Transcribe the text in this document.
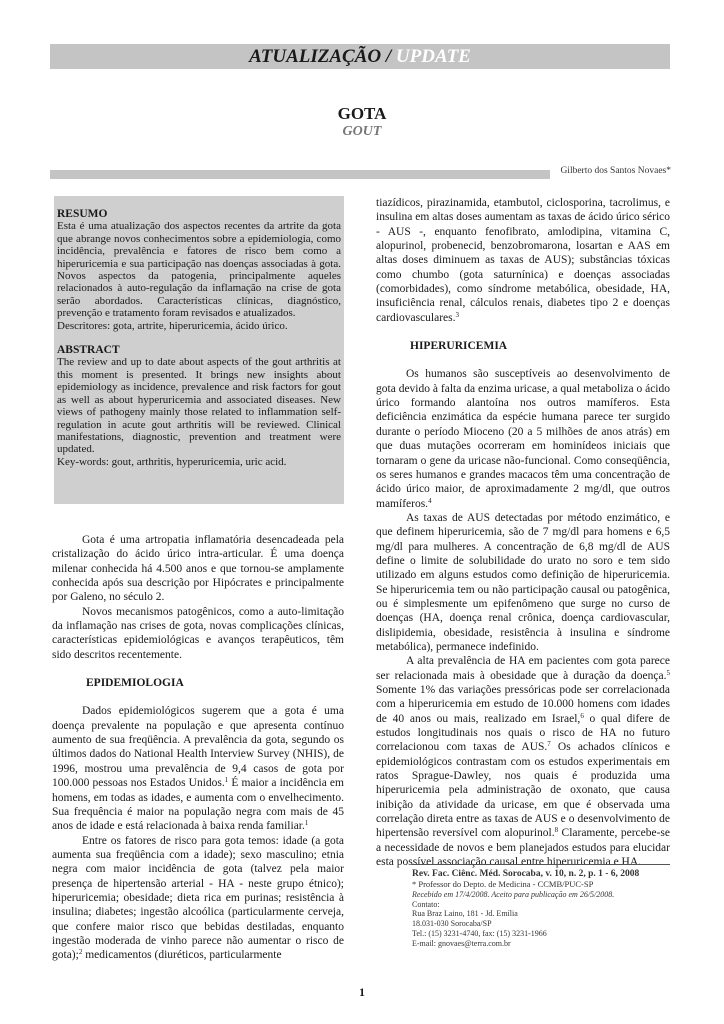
ATUALIZAÇÃO / UPDATE
GOTA
GOUT
Gilberto dos Santos Novaes*
RESUMO

Esta é uma atualização dos aspectos recentes da artrite da gota que abrange novos conhecimentos sobre a epidemiologia, como incidência, prevalência e fatores de risco bem como a hiperuricemia e sua participação nas doenças associadas à gota. Novos aspectos da patogenia, principalmente aqueles relacionados à auto-regulação da inflamação na crise de gota serão abordados. Características clínicas, diagnóstico, prevenção e tratamento foram revisados e atualizados.

Descritores: gota, artrite, hiperuricemia, ácido úrico.

ABSTRACT

The review and up to date about aspects of the gout arthritis at this moment is presented. It brings new insights about epidemiology as incidence, prevalence and risk factors for gout as well as about hyperuricemia and associated diseases. New views of pathogeny mainly those related to inflammation self-regulation in acute gout arthritis will be reviewed. Clinical manifestations, diagnostic, prevention and treatment were updated.

Key-words: gout, arthritis, hyperuricemia, uric acid.

Gota é uma artropatia inflamatória desencadeada pela cristalização do ácido úrico intra-articular. É uma doença milenar conhecida há 4.500 anos e que tornou-se amplamente conhecida após sua descrição por Hipócrates e principalmente por Galeno, no século 2.

Novos mecanismos patogênicos, como a auto-limitação da inflamação nas crises de gota, novas complicações clínicas, características epidemiológicas e avanços terapêuticos, têm sido descritos recentemente.

EPIDEMIOLOGIA

Dados epidemiológicos sugerem que a gota é uma doença prevalente na população e que apresenta contínuo aumento de sua freqüência. A prevalência da gota, segundo os últimos dados do National Health Interview Survey (NHIS), de 1996, mostrou uma prevalência de 9,4 casos de gota por 100.000 pessoas nos Estados Unidos.$^1$ É maior a incidência em homens, em todas as idades, e aumenta com o envelhecimento. Sua frequência é maior na população negra com mais de 45 anos de idade e está relacionada à baixa renda familiar.$^1$

Entre os fatores de risco para gota temos: idade (a gota aumenta sua freqüência com a idade); sexo masculino; etnia negra com maior incidência de gota (talvez pela maior presença de hipertensão arterial - HA - neste grupo étnico); hiperuricemia; obesidade; dieta rica em purinas; resistência à insulina; diabetes; ingestão alcoólica (particularmente cerveja, que confere maior risco que bebidas destiladas, enquanto ingestão moderada de vinho parece não aumentar o risco de gota);$^2$ medicamentos (diuréticos, particularmente

tiazídicos, pirazinamida, etambutol, ciclosporina, tacrolimus, e insulina em altas doses aumentam as taxas de ácido úrico sérico - AUS -, enquanto fenofibrato, amlodipina, vitamina C, alopurinol, probenecid, benzobromarona, losartan e AAS em altas doses diminuem as taxas de AUS); substâncias tóxicas como chumbo (gota saturnínica) e doenças associadas (comorbidades), como síndrome metabólica, obesidade, HA, insuficiência renal, cálculos renais, diabetes tipo 2 e doenças cardiovasculares.$^3$

HIPERURICEMIA

Os humanos são susceptíveis ao desenvolvimento de gota devido à falta da enzima uricase, a qual metaboliza o ácido úrico formando alantoína nos outros mamíferos. Esta deficiência enzimática da espécie humana parece ter surgido durante o período Mioceno (20 a 5 milhões de anos atrás) em que duas mutações ocorreram em hominídeos iniciais que tornaram o gene da uricase não-funcional. Como conseqüência, os seres humanos e grandes macacos têm uma concentração de ácido úrico maior, de aproximadamente 2 mg/dl, que outros mamíferos.$^4$

As taxas de AUS detectadas por método enzimático, e que definem hiperuricemia, são de 7 mg/dl para homens e 6,5 mg/dl para mulheres. A concentração de 6,8 mg/dl de AUS define o limite de solubilidade do urato no soro e tem sido utilizado em alguns estudos como definição de hiperuricemia. Se hiperuricemia tem ou não participação causal ou patogênica, ou é simplesmente um epifenômeno que surge no curso de doenças (HA, doença renal crônica, doença cardiovascular, dislipidemia, obesidade, resistência à insulina e síndrome metabólica), permanece indefinido.

A alta prevalência de HA em pacientes com gota parece ser relacionada mais à obesidade que à duração da doença.$^5$ Somente 1% das variações pressóricas pode ser correlacionada com a hiperuricemia em estudo de 10.000 homens com idades de 40 anos ou mais, realizado em Israel,$^6$ o qual difere de estudos longitudinais nos quais o risco de HA no futuro correlacionou com taxas de AUS.$^7$ Os achados clínicos e epidemiológicos contrastam com os estudos experimentais em ratos Sprague-Dawley, nos quais é produzida uma hiperuricemia pela administração de oxonato, que causa inibição da atividade da uricase, em que é observada uma correlação direta entre as taxas de AUS e o desenvolvimento de hipertensão reversível com alopurinol.$^8$ Claramente, percebe-se a necessidade de novos e bem planejados estudos para elucidar esta possível associação causal entre hiperuricemia e HA.

Rev. Fac. Ciênc. Méd. Sorocaba, v. 10, n. 2, p. 1 - 6, 2008
* Professor do Depto. de Medicina - CCMB/PUC-SP
Recebido em 17/4/2008. Aceito para publicação em 26/5/2008.
Contato:
Rua Braz Laino, 181 - Jd. Emília
18.031-030 Sorocaba/SP
Tel.: (15) 3231-4740, fax: (15) 3231-1966
E-mail: gnovaes@terra.com.br
1
